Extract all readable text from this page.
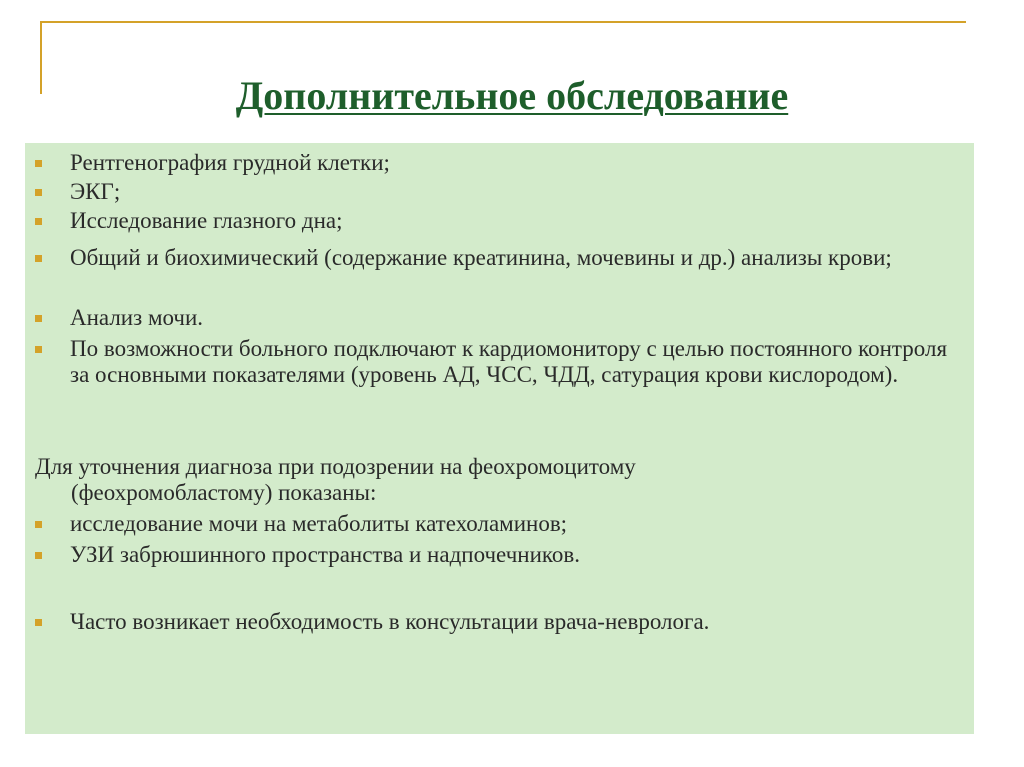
Дополнительное обследование
Рентгенография грудной клетки;
ЭКГ;
Исследование глазного дна;
Общий и биохимический (содержание креатинина, мочевины и др.) анализы крови;
Анализ мочи.
По возможности больного подключают к кардиомонитору с целью постоянного контроля за основными показателями (уровень АД, ЧСС, ЧДД, сатурация крови кислородом).
Для уточнения диагноза при подозрении на феохромоцитому
(феохромобластому) показаны:
исследование мочи на метаболиты катехоламинов;
УЗИ забрюшинного пространства и надпочечников.
Часто возникает необходимость в консультации врача-невролога.
